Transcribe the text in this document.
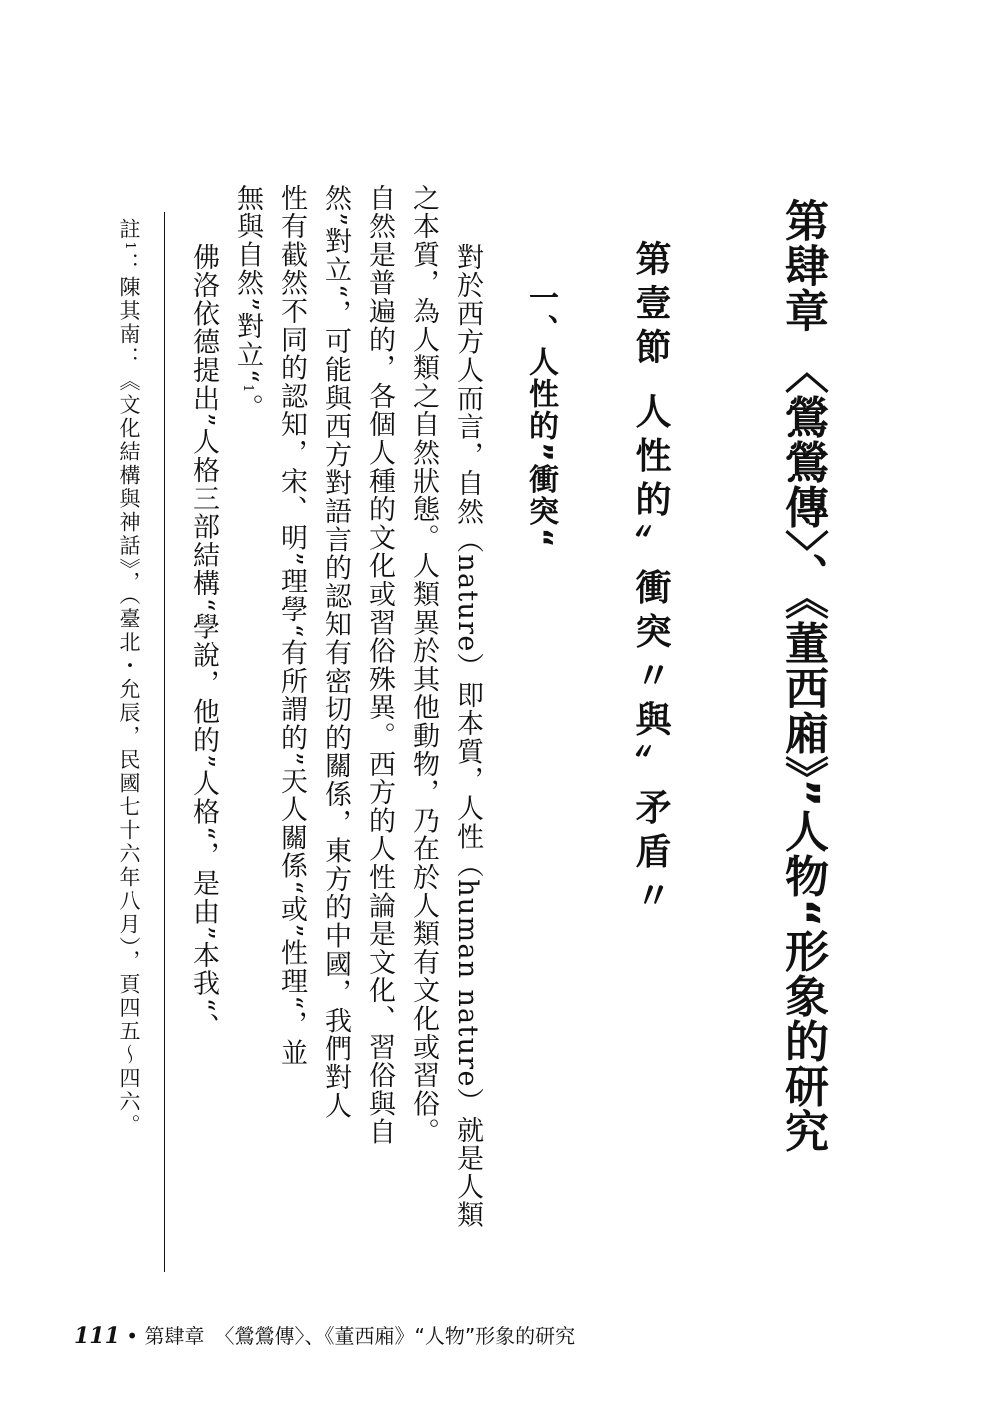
第肆章 〈鶯鶯傳〉、《董西廂》”人物“形象的研究
第壹節 人性的〞衝突〃與〞矛盾〃
一、人性的”衝突“
對於西方人而言，自然（nature）即本質，人性（human nature）就是人類
之本質，為人類之自然狀態。人類異於其他動物，乃在於人類有文化或習俗。
自然是普遍的，各個人種的文化或習俗殊異。西方的人性論是文化、習俗與自
然”對立“，可能與西方對語言的認知有密切的關係，東方的中國，我們對人
性有截然不同的認知，宋、明”理學“有所謂的”天人關係“或”性理“，並
無與自然”對立“1。
佛洛依德提出”人格三部結構“學說，他的”人格“，是由”本我“、
註1：陳其南：《文化結構與神話》，（臺北・允辰，民國七十六年八月），頁四五～四六。
111 • 第肆章　〈鶯鶯傳〉、《董西廂》“人物”形象的研究
